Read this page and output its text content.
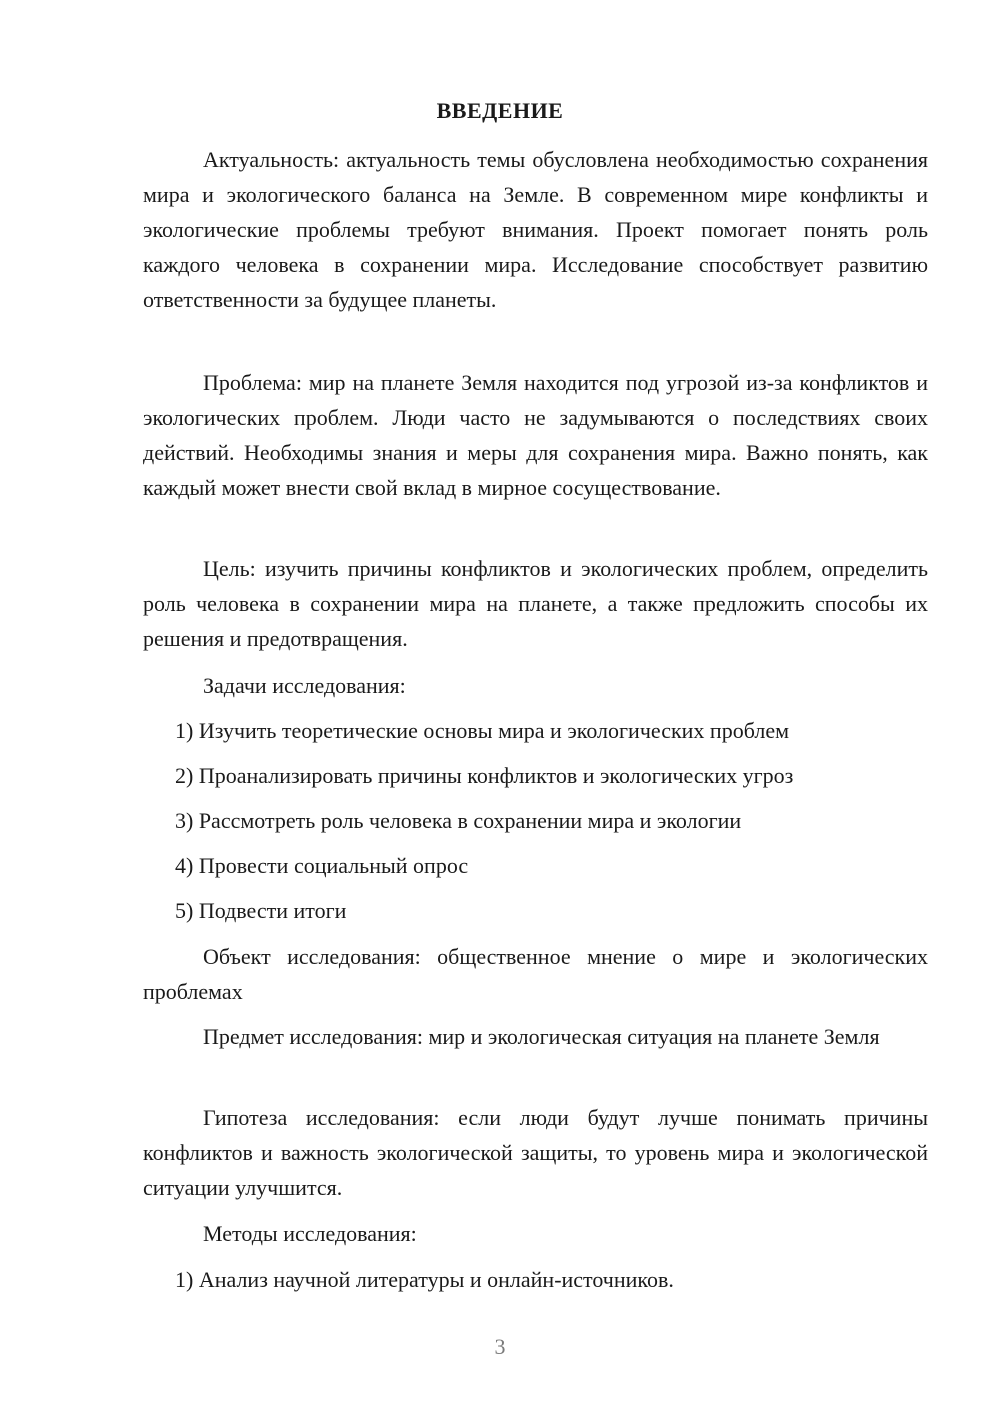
ВВЕДЕНИЕ

Актуальность: актуальность темы обусловлена необходимостью сохранения мира и экологического баланса на Земле. В современном мире конфликты и экологические проблемы требуют внимания. Проект помогает понять роль каждого человека в сохранении мира. Исследование способствует развитию ответственности за будущее планеты.

Проблема: мир на планете Земля находится под угрозой из-за конфликтов и экологических проблем. Люди часто не задумываются о последствиях своих действий. Необходимы знания и меры для сохранения мира. Важно понять, как каждый может внести свой вклад в мирное сосуществование.

Цель: изучить причины конфликтов и экологических проблем, определить роль человека в сохранении мира на планете, а также предложить способы их решения и предотвращения.

Задачи исследования:

1) Изучить теоретические основы мира и экологических проблем

2) Проанализировать причины конфликтов и экологических угроз

3) Рассмотреть роль человека в сохранении мира и экологии

4) Провести социальный опрос

5) Подвести итоги

Объект исследования: общественное мнение о мире и экологических проблемах

Предмет исследования: мир и экологическая ситуация на планете Земля

Гипотеза исследования: если люди будут лучше понимать причины конфликтов и важность экологической защиты, то уровень мира и экологической ситуации улучшится.

Методы исследования:

1) Анализ научной литературы и онлайн-источников.

3
